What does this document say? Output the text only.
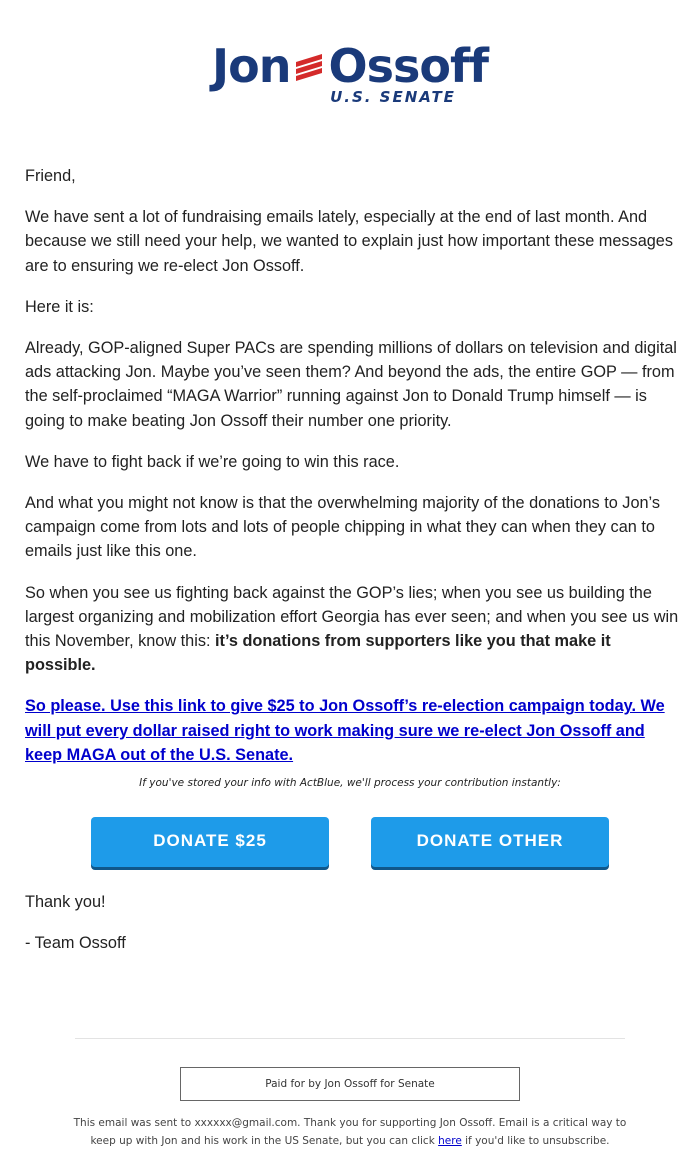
Jon Ossoff
U.S. SENATE

Friend,

We have sent a lot of fundraising emails lately, especially at the end of last month. And because we still need your help, we wanted to explain just how important these messages are to ensuring we re-elect Jon Ossoff.

Here it is:

Already, GOP-aligned Super PACs are spending millions of dollars on television and digital ads attacking Jon. Maybe you’ve seen them? And beyond the ads, the entire GOP — from the self-proclaimed “MAGA Warrior” running against Jon to Donald Trump himself — is going to make beating Jon Ossoff their number one priority.

We have to fight back if we’re going to win this race.

And what you might not know is that the overwhelming majority of the donations to Jon’s campaign come from lots and lots of people chipping in what they can when they can to emails just like this one.

So when you see us fighting back against the GOP’s lies; when you see us building the largest organizing and mobilization effort Georgia has ever seen; and when you see us win this November, know this: it’s donations from supporters like you that make it possible.

So please. Use this link to give $25 to Jon Ossoff’s re-election campaign today. We will put every dollar raised right to work making sure we re-elect Jon Ossoff and keep MAGA out of the U.S. Senate.

If you've stored your info with ActBlue, we'll process your contribution instantly:
DONATE $25	DONATE OTHER

Thank you!

- Team Ossoff

Paid for by Jon Ossoff for Senate
This email was sent to xxxxxx@gmail.com. Thank you for supporting Jon Ossoff. Email is a critical way to keep up with Jon and his work in the US Senate, but you can click here if you'd like to unsubscribe.
